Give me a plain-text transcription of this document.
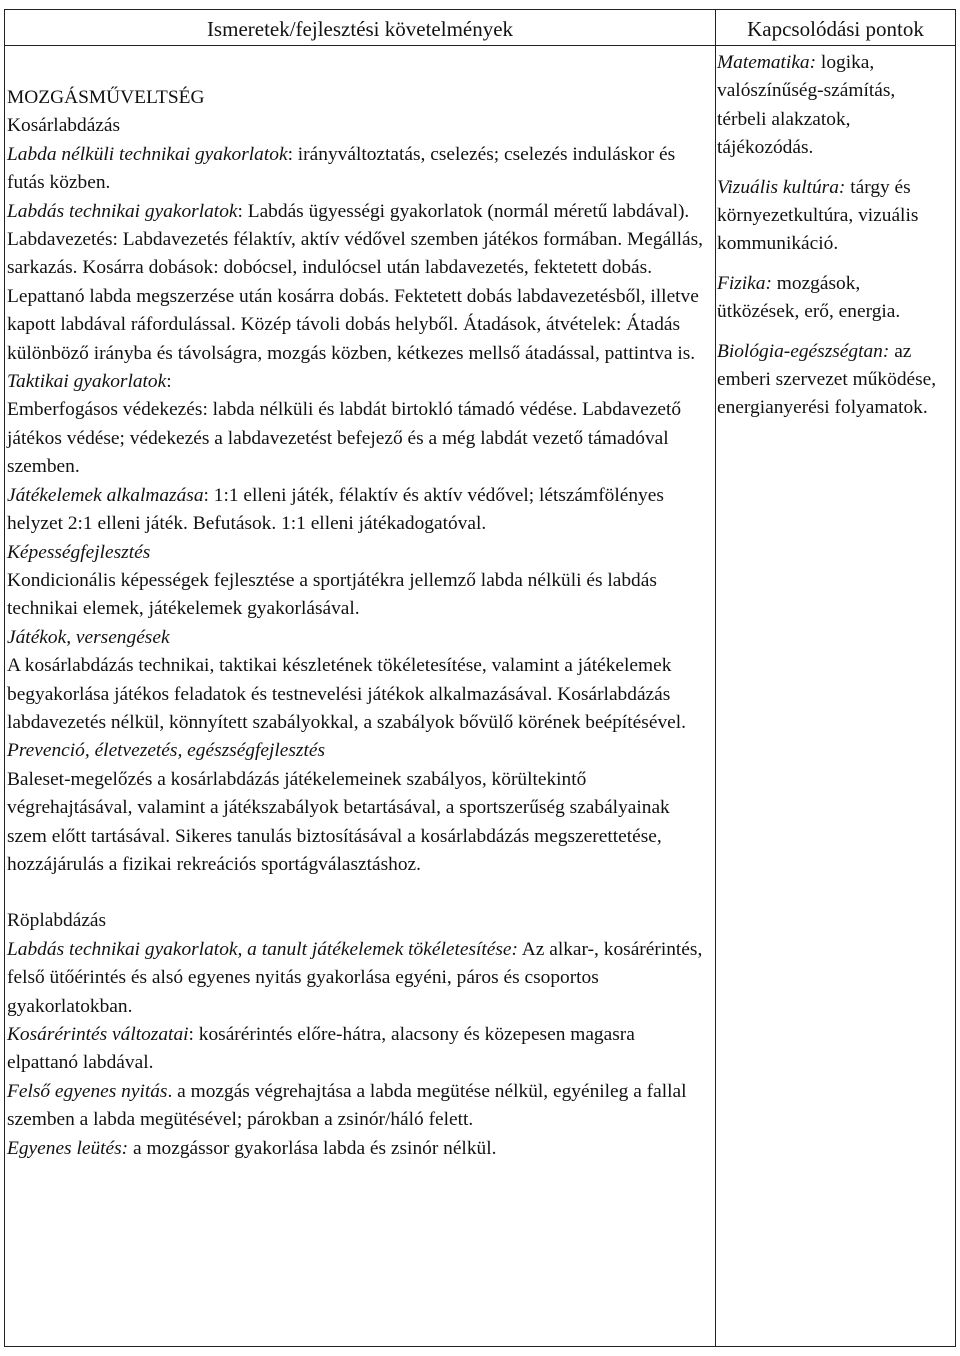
Ismeretek/fejlesztési követelmények	Kapcsolódási pontok

MOZGÁSMŰVELTSÉG

Kosárlabdázás

Labda nélküli technikai gyakorlatok: irányváltoztatás, cselezés; cselezés induláskor és futás közben.

Labdás technikai gyakorlatok: Labdás ügyességi gyakorlatok (normál méretű labdával). Labdavezetés: Labdavezetés félaktív, aktív védővel szemben játékos formában. Megállás, sarkazás. Kosárra dobások: dobócsel, indulócsel után labdavezetés, fektetett dobás. Lepattanó labda megszerzése után kosárra dobás. Fektetett dobás labdavezetésből, illetve kapott labdával ráfordulással. Közép távoli dobás helyből. Átadások, átvételek: Átadás különböző irányba és távolságra, mozgás közben, kétkezes mellső átadással, pattintva is.

Taktikai gyakorlatok:

Emberfogásos védekezés: labda nélküli és labdát birtokló támadó védése. Labdavezető játékos védése; védekezés a labdavezetést befejező és a még labdát vezető támadóval szemben.

Játékelemek alkalmazása: 1:1 elleni játék, félaktív és aktív védővel; létszámfölényes helyzet 2:1 elleni játék. Befutások. 1:1 elleni játékadogatóval.

Képességfejlesztés

Kondicionális képességek fejlesztése a sportjátékra jellemző labda nélküli és labdás technikai elemek, játékelemek gyakorlásával.

Játékok, versengések

A kosárlabdázás technikai, taktikai készletének tökéletesítése, valamint a játékelemek begyakorlása játékos feladatok és testnevelési játékok alkalmazásával. Kosárlabdázás labdavezetés nélkül, könnyített szabályokkal, a szabályok bővülő körének beépítésével.

Prevenció, életvezetés, egészségfejlesztés

Baleset-megelőzés a kosárlabdázás játékelemeinek szabályos, körültekintő végrehajtásával, valamint a játékszabályok betartásával, a sportszerűség szabályainak szem előtt tartásával. Sikeres tanulás biztosításával a kosárlabdázás megszerettetése, hozzájárulás a fizikai rekreációs sportágválasztáshoz.

Röplabdázás

Labdás technikai gyakorlatok, a tanult játékelemek tökéletesítése: Az alkar-, kosárérintés, felső ütőérintés és alsó egyenes nyitás gyakorlása egyéni, páros és csoportos gyakorlatokban.

Kosárérintés változatai: kosárérintés előre-hátra, alacsony és közepesen magasra elpattanó labdával.

Felső egyenes nyitás. a mozgás végrehajtása a labda megütése nélkül, egyénileg a fallal szemben a labda megütésével; párokban a zsinór/háló felett.

Egyenes leütés: a mozgássor gyakorlása labda és zsinór nélkül.

Matematika: logika, valószínűség-számítás, térbeli alakzatok, tájékozódás.

Vizuális kultúra: tárgy és környezetkultúra, vizuális kommunikáció.

Fizika: mozgások, ütközések, erő, energia.

Biológia-egészségtan: az emberi szervezet működése, energianyerési folyamatok.
